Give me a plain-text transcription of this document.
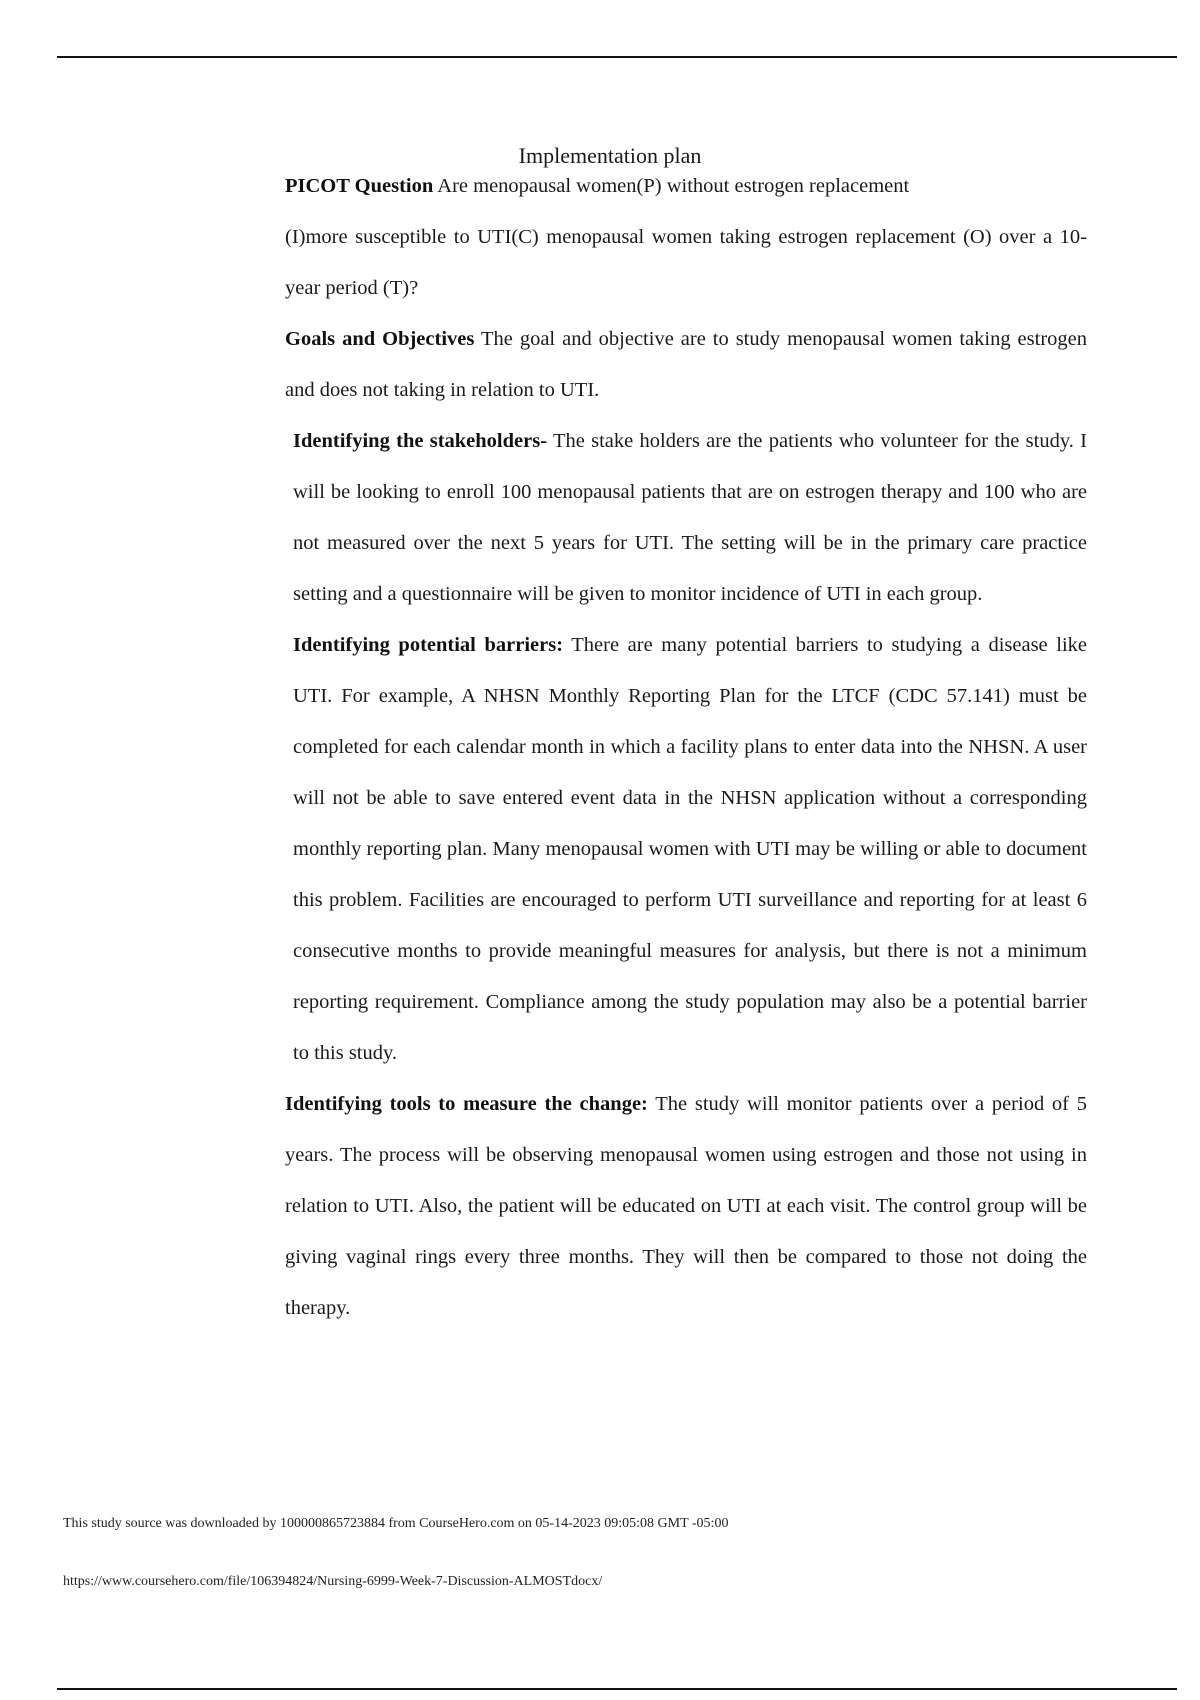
Implementation plan

PICOT Question Are menopausal women(P) without estrogen replacement

(I)more susceptible to UTI(C) menopausal women taking estrogen replacement (O) over a 10-year period (T)?

Goals and Objectives The goal and objective are to study menopausal women taking estrogen and does not taking in relation to UTI.

Identifying the stakeholders- The stake holders are the patients who volunteer for the study. I will be looking to enroll 100 menopausal patients that are on estrogen therapy and 100 who are not measured over the next 5 years for UTI. The setting will be in the primary care practice setting and a questionnaire will be given to monitor incidence of UTI in each group.

Identifying potential barriers: There are many potential barriers to studying a disease like UTI. For example, A NHSN Monthly Reporting Plan for the LTCF (CDC 57.141) must be completed for each calendar month in which a facility plans to enter data into the NHSN. A user will not be able to save entered event data in the NHSN application without a corresponding monthly reporting plan. Many menopausal women with UTI may be willing or able to document this problem. Facilities are encouraged to perform UTI surveillance and reporting for at least 6 consecutive months to provide meaningful measures for analysis, but there is not a minimum reporting requirement. Compliance among the study population may also be a potential barrier to this study.

Identifying tools to measure the change: The study will monitor patients over a period of 5 years. The process will be observing menopausal women using estrogen and those not using in relation to UTI. Also, the patient will be educated on UTI at each visit. The control group will be giving vaginal rings every three months. They will then be compared to those not doing the therapy.

This study source was downloaded by 100000865723884 from CourseHero.com on 05-14-2023 09:05:08 GMT -05:00
https://www.coursehero.com/file/106394824/Nursing-6999-Week-7-Discussion-ALMOSTdocx/
